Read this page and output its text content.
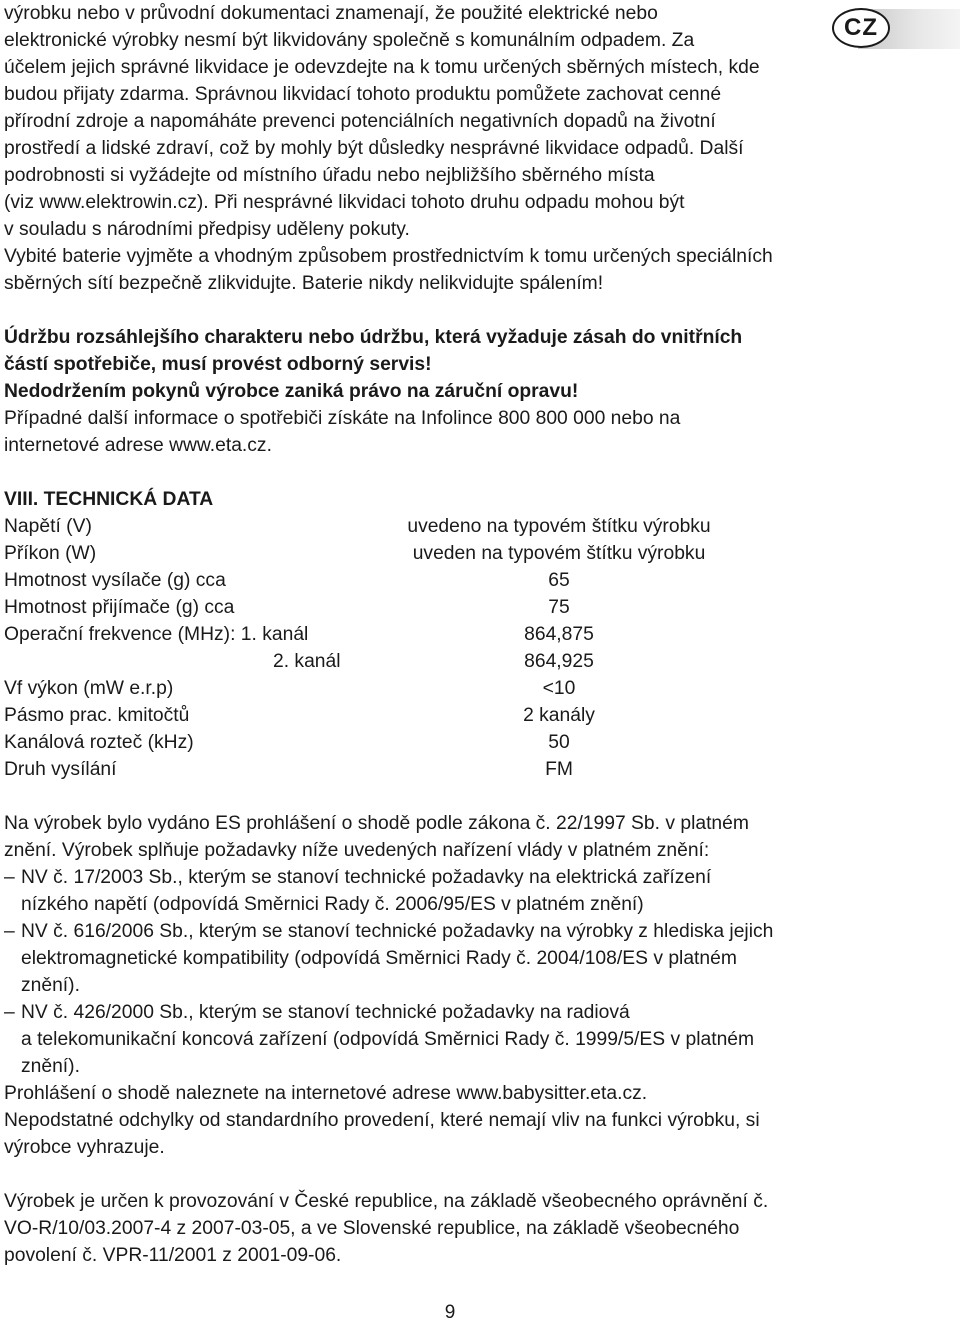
CZ

výrobku nebo v průvodní dokumentaci znamenají, že použité elektrické nebo

elektronické výrobky nesmí být likvidovány společně s komunálním odpadem. Za

účelem jejich správné likvidace je odevzdejte na k tomu určených sběrných místech, kde

budou přijaty zdarma. Správnou likvidací tohoto produktu pomůžete zachovat cenné

přírodní zdroje a napomáháte prevenci potenciálních negativních dopadů na životní

prostředí a lidské zdraví, což by mohly být důsledky nesprávné likvidace odpadů. Další

podrobnosti si vyžádejte od místního úřadu nebo nejbližšího sběrného místa

(viz www.elektrowin.cz). Při nesprávné likvidaci tohoto druhu odpadu mohou být

v souladu s národními předpisy uděleny pokuty.

Vybité baterie vyjměte a vhodným způsobem prostřednictvím k tomu určených speciálních

sběrných sítí bezpečně zlikvidujte. Baterie nikdy nelikvidujte spálením!

Údržbu rozsáhlejšího charakteru nebo údržbu, která vyžaduje zásah do vnitřních

částí spotřebiče, musí provést odborný servis!

Nedodržením pokynů výrobce zaniká právo na záruční opravu!

Případné další informace o spotřebiči získáte na Infolince 800 800 000 nebo na

internetové adrese www.eta.cz.

VIII. TECHNICKÁ DATA

Napětí (V)	uvedeno na typovém štítku výrobku
Příkon (W)	uveden na typovém štítku výrobku
Hmotnost vysílače (g) cca	65
Hmotnost přijímače (g) cca	75
Operační frekvence (MHz): 1. kanál	864,875
2. kanál	864,925
Vf výkon (mW e.r.p)	<10
Pásmo prac. kmitočtů	2 kanály
Kanálová rozteč (kHz)	50
Druh vysílání	FM

Na výrobek bylo vydáno ES prohlášení o shodě podle zákona č. 22/1997 Sb. v platném

znění. Výrobek splňuje požadavky níže uvedených nařízení vlády v platném znění:

– NV č. 17/2003 Sb., kterým se stanoví technické požadavky na elektrická zařízení

nízkého napětí (odpovídá Směrnici Rady č. 2006/95/ES v platném znění)

– NV č. 616/2006 Sb., kterým se stanoví technické požadavky na výrobky z hlediska jejich

elektromagnetické kompatibility (odpovídá Směrnici Rady č. 2004/108/ES v platném

znění).

– NV č. 426/2000 Sb., kterým se stanoví technické požadavky na radiová

a telekomunikační koncová zařízení (odpovídá Směrnici Rady č. 1999/5/ES v platném

znění).

Prohlášení o shodě naleznete na internetové adrese www.babysitter.eta.cz.

Nepodstatné odchylky od standardního provedení, které nemají vliv na funkci výrobku, si

výrobce vyhrazuje.

Výrobek je určen k provozování v České republice, na základě všeobecného oprávnění č.

VO-R/10/03.2007-4 z 2007-03-05, a ve Slovenské republice, na základě všeobecného

povolení č. VPR-11/2001 z 2001-09-06.

9
